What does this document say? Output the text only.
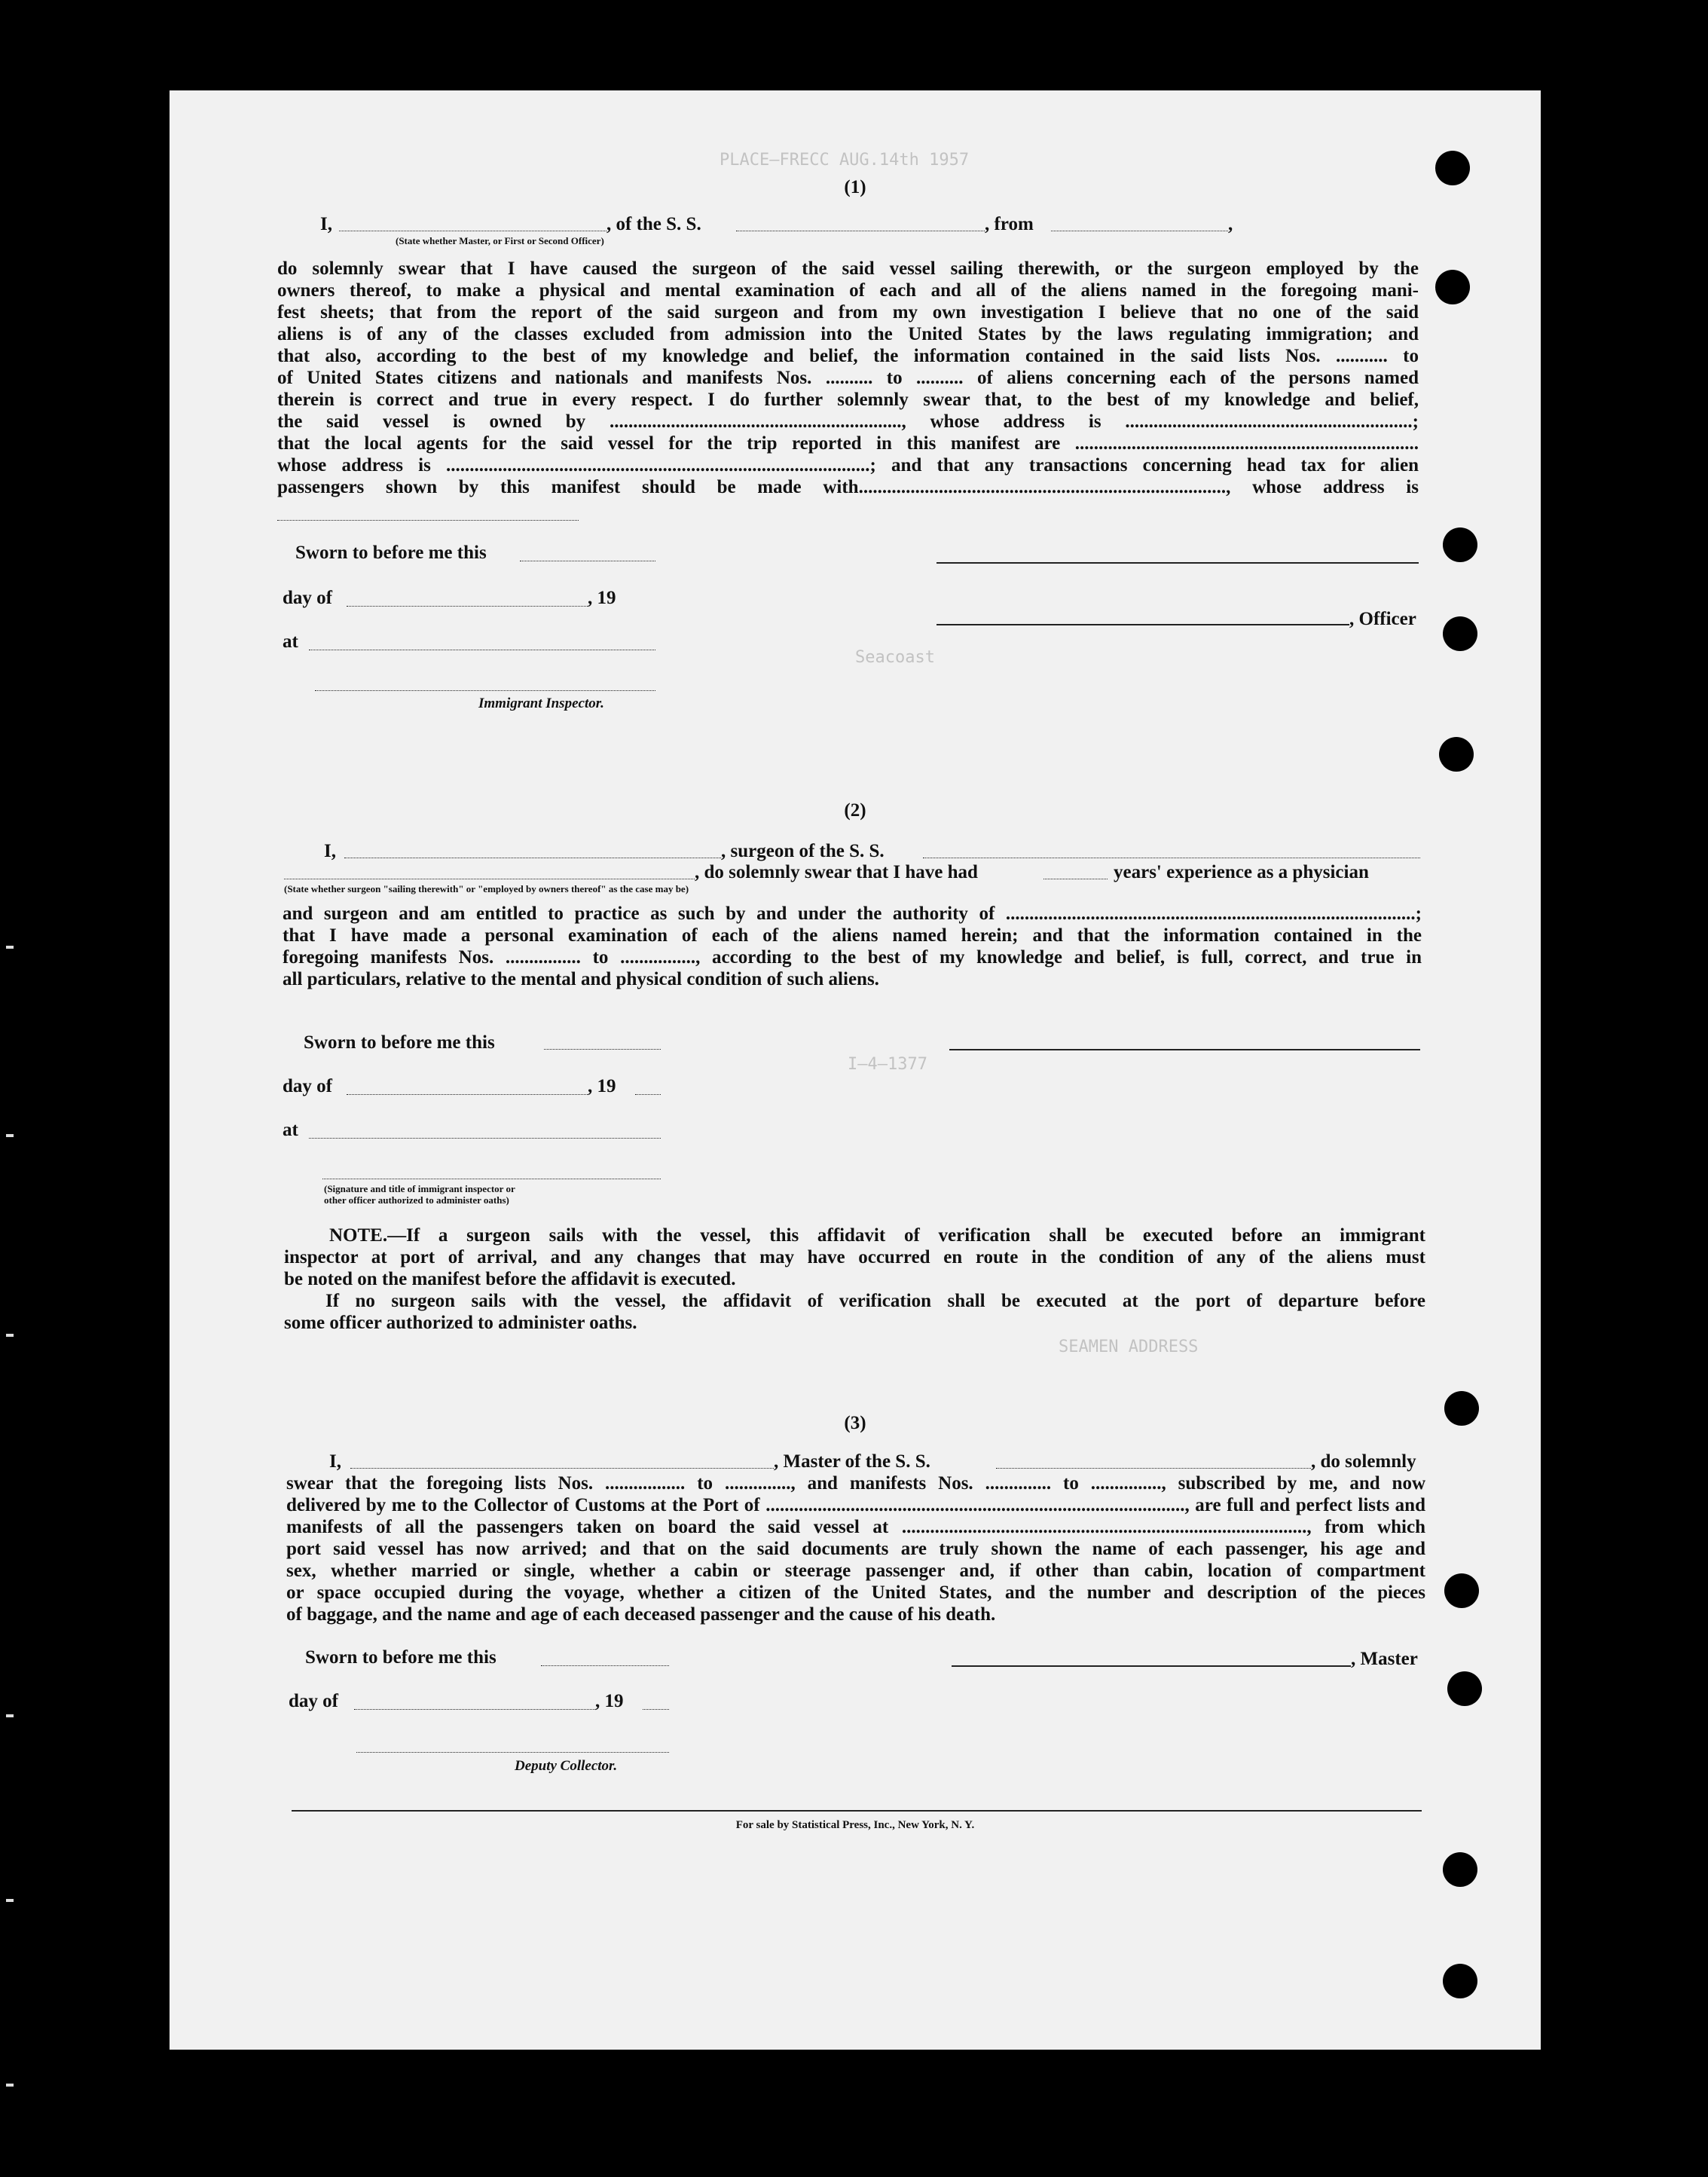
PLACE—FRECC AUG.14th 1957
Seacoast
I—4—1377
SEAMEN ADDRESS
(1)
I,	, of the S. S.	, from	,
(State whether Master, or First or Second Officer)
do solemnly swear that I have caused the surgeon of the said vessel sailing therewith, or the surgeon employed by the
owners thereof, to make a physical and mental examination of each and all of the aliens named in the foregoing mani-
fest sheets; that from the report of the said surgeon and from my own investigation I believe that no one of the said
aliens is of any of the classes excluded from admission into the United States by the laws regulating immigration; and
that also, according to the best of my knowledge and belief, the information contained in the said lists Nos. ........... to
of United States citizens and nationals and manifests Nos. .......... to .......... of aliens concerning each of the persons named
therein is correct and true in every respect. I do further solemnly swear that, to the best of my knowledge and belief,
the said vessel is owned by .............................................................., whose address is .............................................................;
that the local agents for the said vessel for the trip reported in this manifest are .........................................................................
whose address is ..........................................................................................; and that any transactions concerning head tax for alien
passengers shown by this manifest should be made with.............................................................................., whose address is
Sworn to before me this
day of	, 19
, Officer
at
Immigrant Inspector.
(2)
I,	, surgeon of the S. S.
, do solemnly swear that I have had	years' experience as a physician
(State whether surgeon "sailing therewith" or "employed by owners thereof" as the case may be)
and surgeon and am entitled to practice as such by and under the authority of .......................................................................................;
that I have made a personal examination of each of the aliens named herein; and that the information contained in the
foregoing manifests Nos. ................ to ................, according to the best of my knowledge and belief, is full, correct, and true in
all particulars, relative to the mental and physical condition of such aliens.
Sworn to before me this
day of	, 19
at
(Signature and title of immigrant inspector or
other officer authorized to administer oaths)
NOTE.—If a surgeon sails with the vessel, this affidavit of verification shall be executed before an immigrant
inspector at port of arrival, and any changes that may have occurred en route in the condition of any of the aliens must
be noted on the manifest before the affidavit is executed.
If no surgeon sails with the vessel, the affidavit of verification shall be executed at the port of departure before
some officer authorized to administer oaths.
(3)
I,	, Master of the S. S.	, do solemnly
swear that the foregoing lists Nos. ................. to .............., and manifests Nos. .............. to ..............., subscribed by me, and now
delivered by me to the Collector of Customs at the Port of ........................................................................................., are full and perfect lists and
manifests of all the passengers taken on board the said vessel at ......................................................................................, from which
port said vessel has now arrived; and that on the said documents are truly shown the name of each passenger, his age and
sex, whether married or single, whether a cabin or steerage passenger and, if other than cabin, location of compartment
or space occupied during the voyage, whether a citizen of the United States, and the number and description of the pieces
of baggage, and the name and age of each deceased passenger and the cause of his death.
Sworn to before me this	, Master
day of	, 19
Deputy Collector.
For sale by Statistical Press, Inc., New York, N. Y.
